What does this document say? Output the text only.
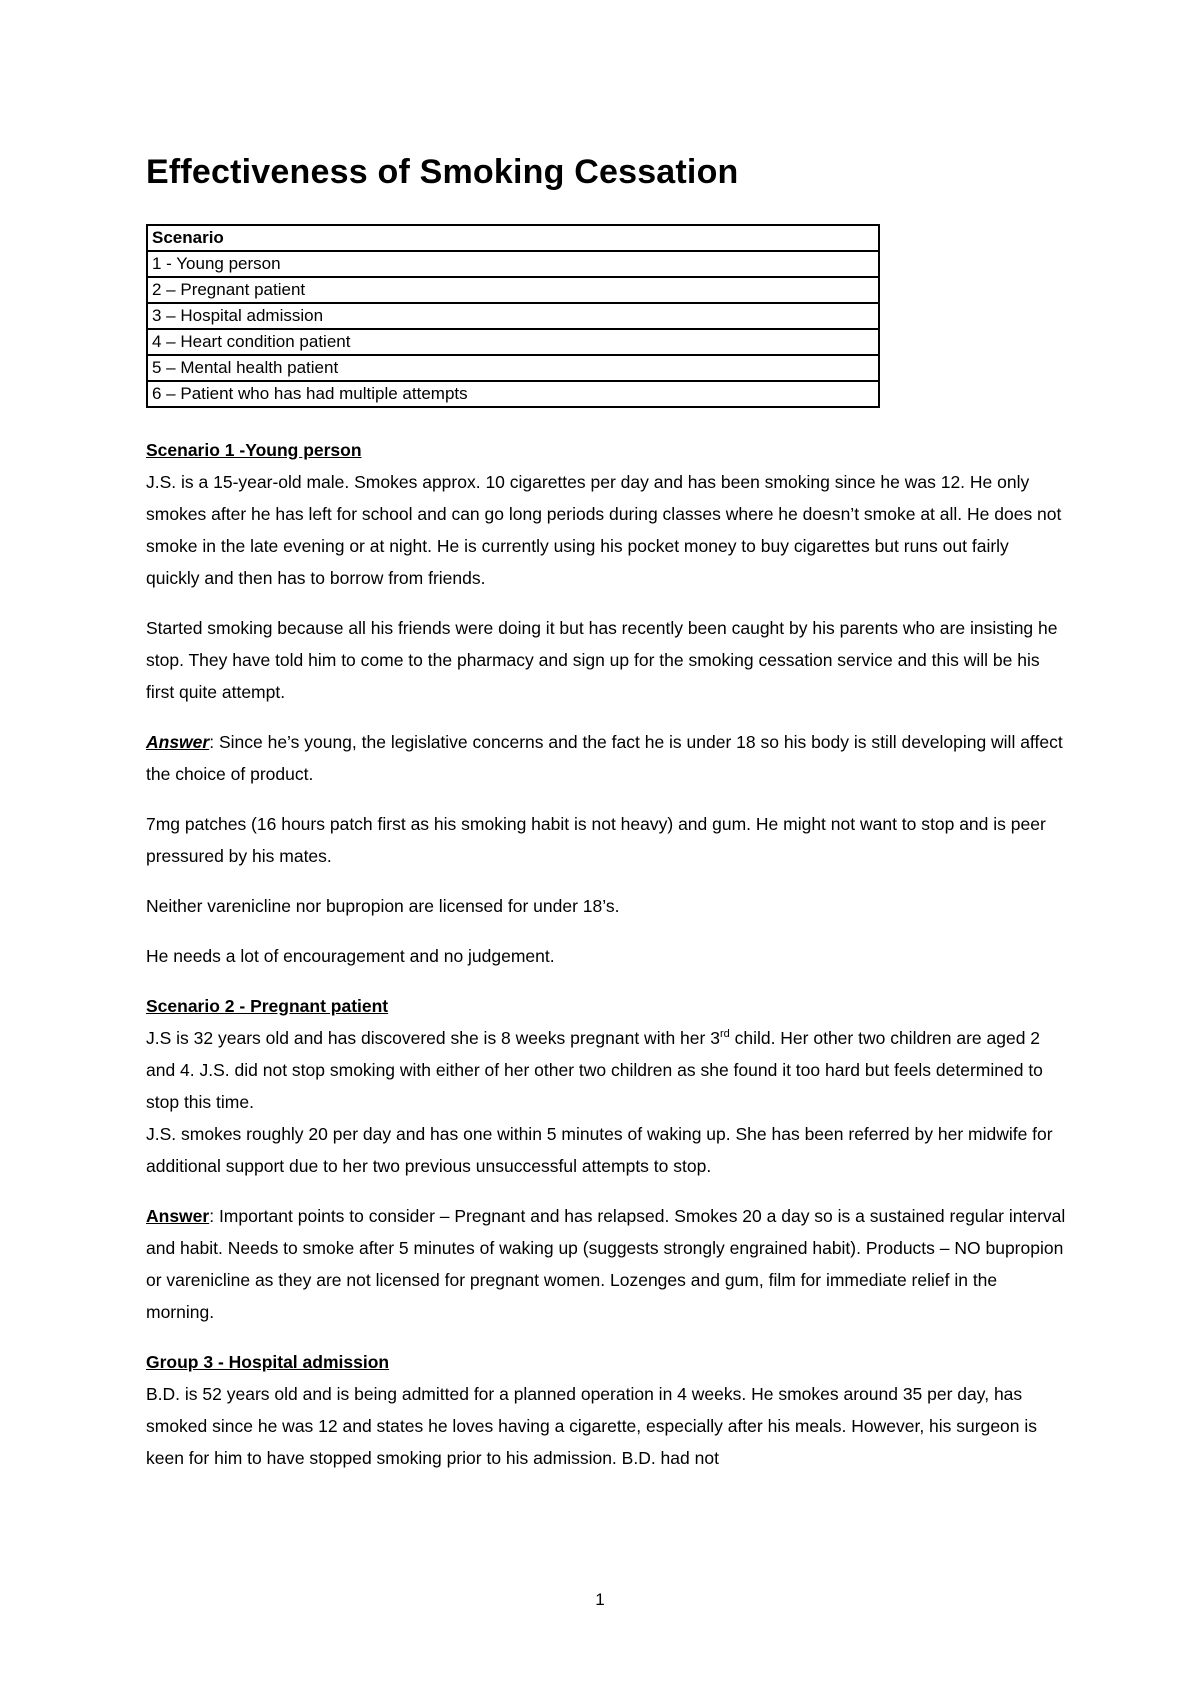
Effectiveness of Smoking Cessation
Scenario
1 - Young person
2 – Pregnant patient
3 – Hospital admission
4 – Heart condition patient
5 – Mental health patient
6 – Patient who has had multiple attempts
Scenario 1 -Young person

J.S. is a 15-year-old male. Smokes approx. 10 cigarettes per day and has been smoking since he was 12. He only smokes after he has left for school and can go long periods during classes where he doesn’t smoke at all. He does not smoke in the late evening or at night. He is currently using his pocket money to buy cigarettes but runs out fairly quickly and then has to borrow from friends.

Started smoking because all his friends were doing it but has recently been caught by his parents who are insisting he stop. They have told him to come to the pharmacy and sign up for the smoking cessation service and this will be his first quite attempt.

Answer: Since he’s young, the legislative concerns and the fact he is under 18 so his body is still developing will affect the choice of product.

7mg patches (16 hours patch first as his smoking habit is not heavy) and gum. He might not want to stop and is peer pressured by his mates.

Neither varenicline nor bupropion are licensed for under 18’s.

He needs a lot of encouragement and no judgement.

Scenario 2 - Pregnant patient

J.S is 32 years old and has discovered she is 8 weeks pregnant with her 3rd child. Her other two children are aged 2 and 4. J.S. did not stop smoking with either of her other two children as she found it too hard but feels determined to stop this time.

J.S. smokes roughly 20 per day and has one within 5 minutes of waking up. She has been referred by her midwife for additional support due to her two previous unsuccessful attempts to stop.

Answer: Important points to consider – Pregnant and has relapsed. Smokes 20 a day so is a sustained regular interval and habit. Needs to smoke after 5 minutes of waking up (suggests strongly engrained habit). Products – NO bupropion or varenicline as they are not licensed for pregnant women. Lozenges and gum, film for immediate relief in the morning.

Group 3 - Hospital admission

B.D. is 52 years old and is being admitted for a planned operation in 4 weeks. He smokes around 35 per day, has smoked since he was 12 and states he loves having a cigarette, especially after his meals. However, his surgeon is keen for him to have stopped smoking prior to his admission. B.D. had not

1
